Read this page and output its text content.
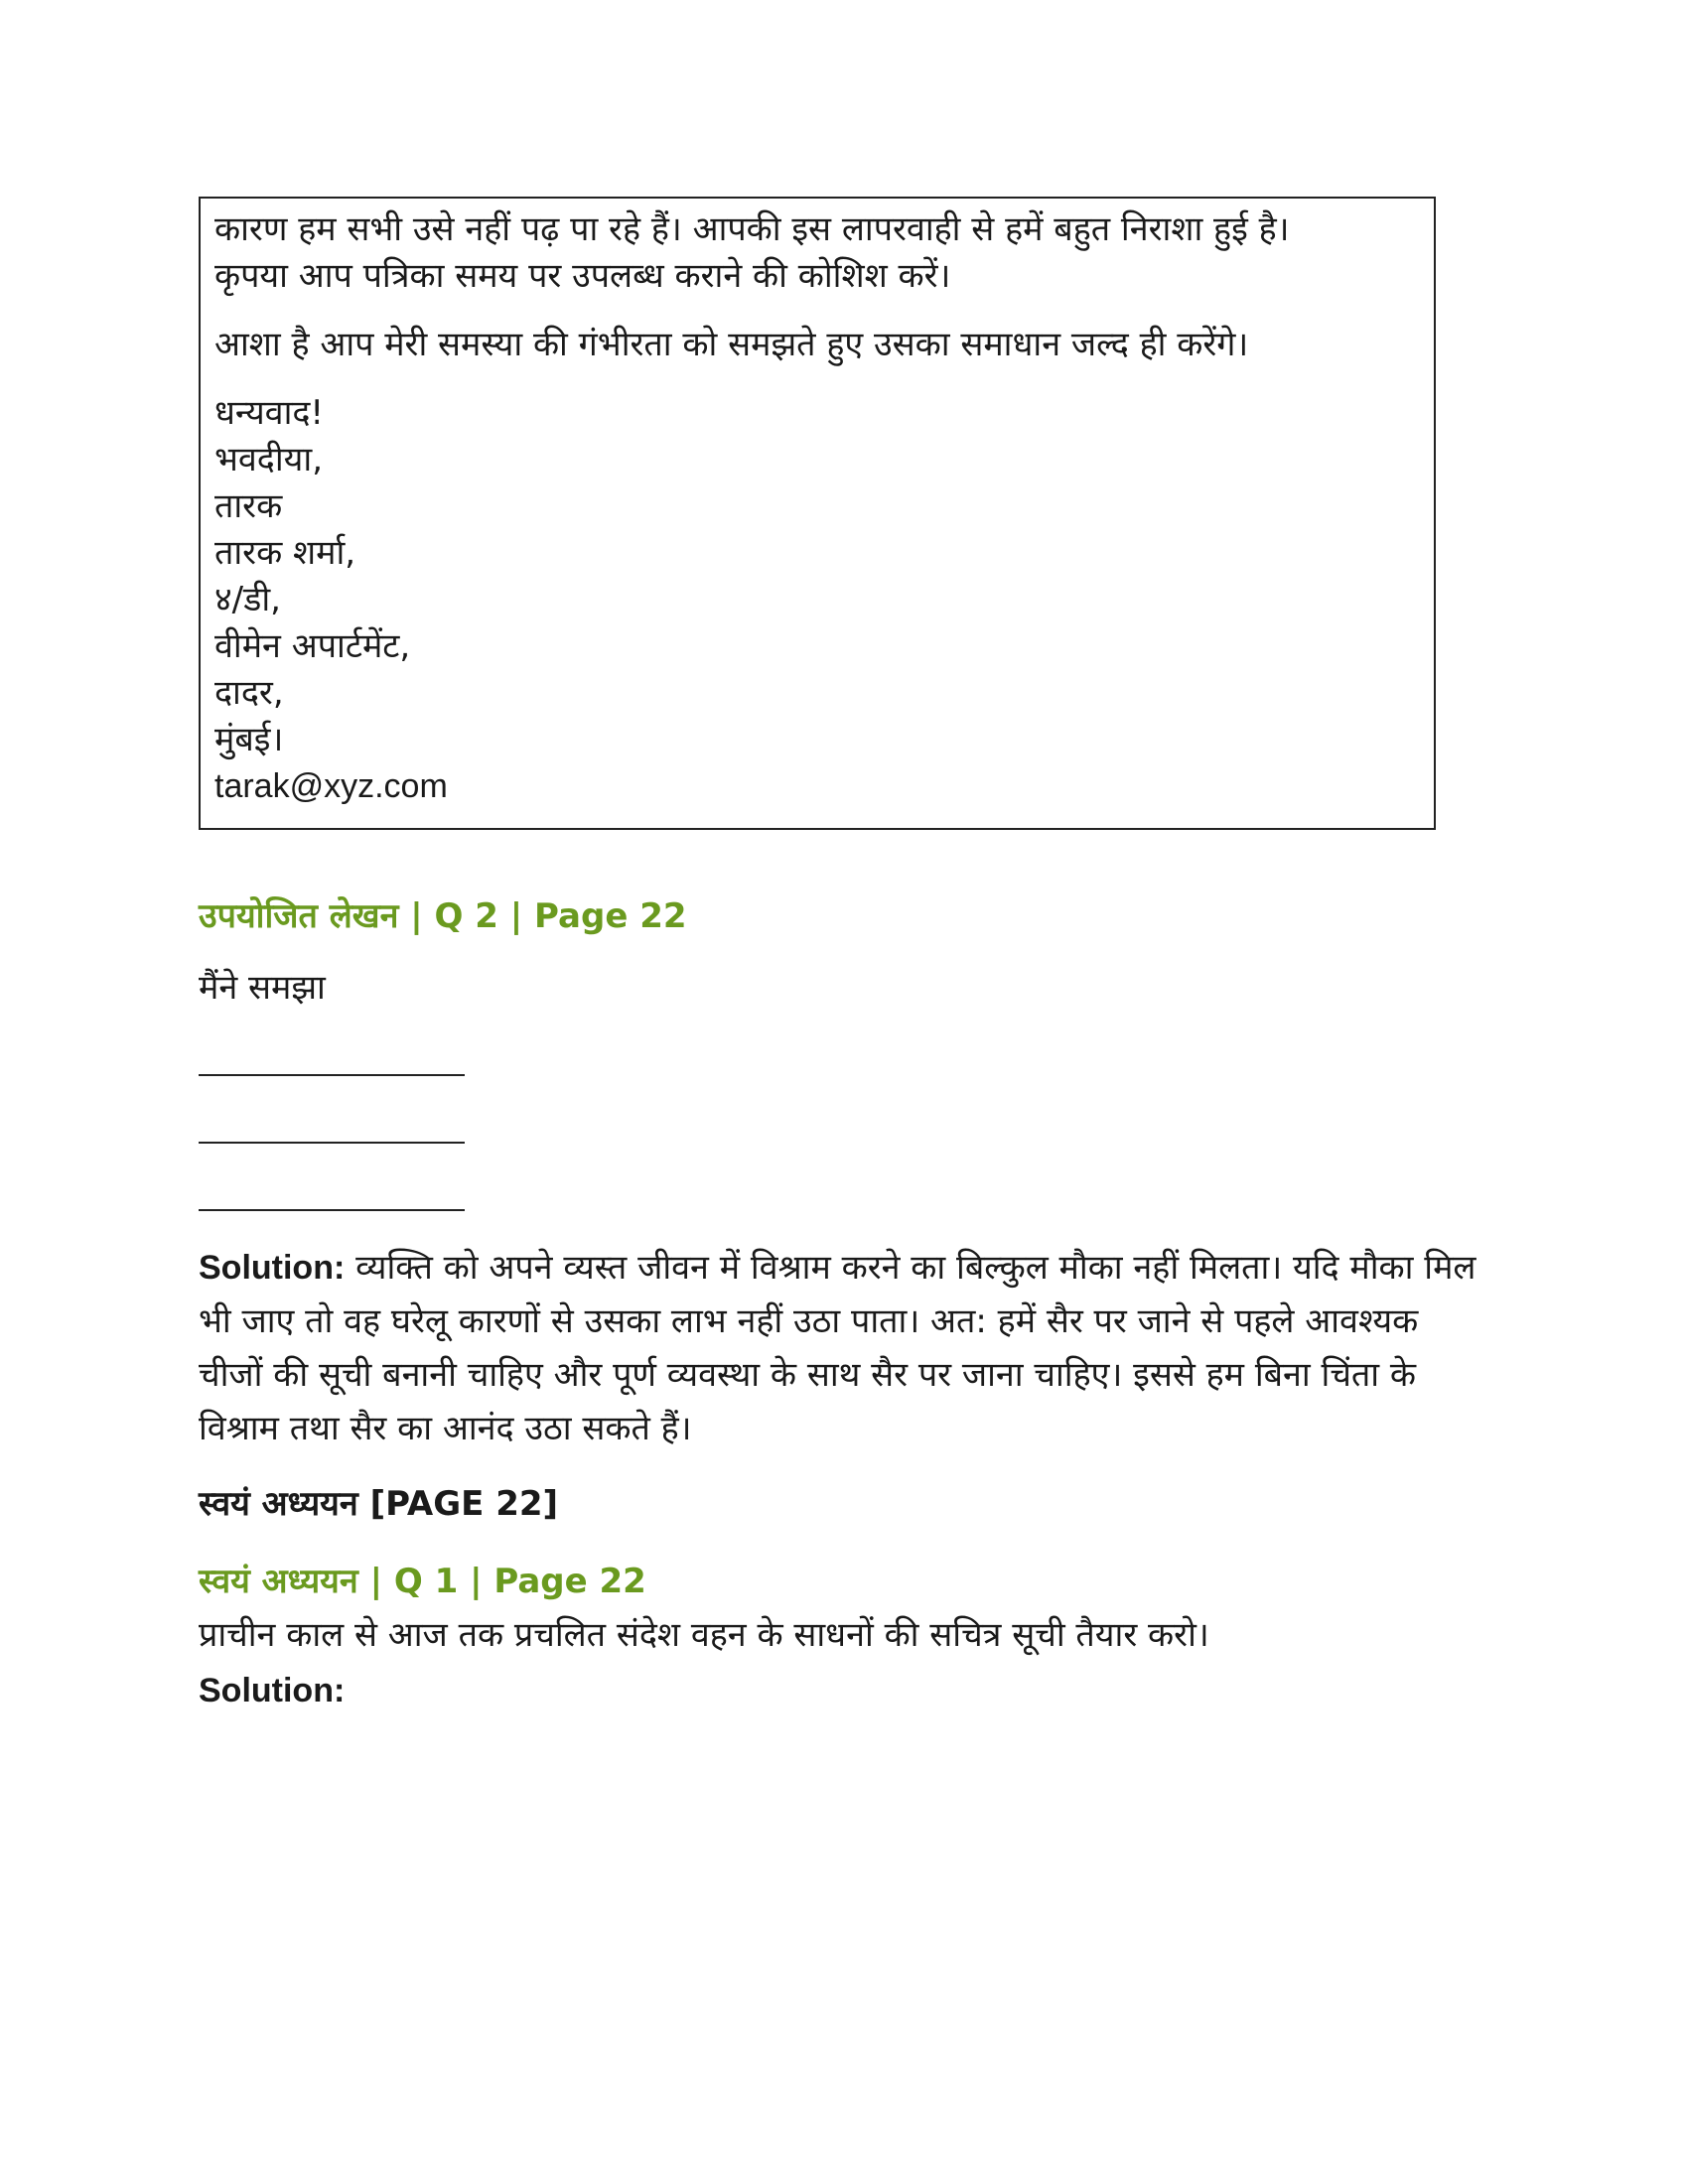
कारण हम सभी उसे नहीं पढ़ पा रहे हैं। आपकी इस लापरवाही से हमें बहुत निराशा हुई है।

कृपया आप पत्रिका समय पर उपलब्ध कराने की कोशिश करें।

आशा है आप मेरी समस्या की गंभीरता को समझते हुए उसका समाधान जल्द ही करेंगे।

धन्यवाद!

भवदीया,

तारक

तारक शर्मा,

४/डी,

वीमेन अपार्टमेंट,

दादर,

मुंबई।

tarak@xyz.com

उपयोजित लेखन | Q 2 | Page 22
मैंने समझा
Solution: व्यक्ति को अपने व्यस्त जीवन में विश्राम करने का बिल्कुल मौका नहीं मिलता। यदि मौका मिल भी जाए तो वह घरेलू कारणों से उसका लाभ नहीं उठा पाता। अत: हमें सैर पर जाने से पहले आवश्यक चीजों की सूची बनानी चाहिए और पूर्ण व्यवस्था के साथ सैर पर जाना चाहिए। इससे हम बिना चिंता के विश्राम तथा सैर का आनंद उठा सकते हैं।
स्वयं अध्ययन [PAGE 22]
स्वयं अध्ययन | Q 1 | Page 22
प्राचीन काल से आज तक प्रचलित संदेश वहन के साधनों की सचित्र सूची तैयार करो।
Solution:
